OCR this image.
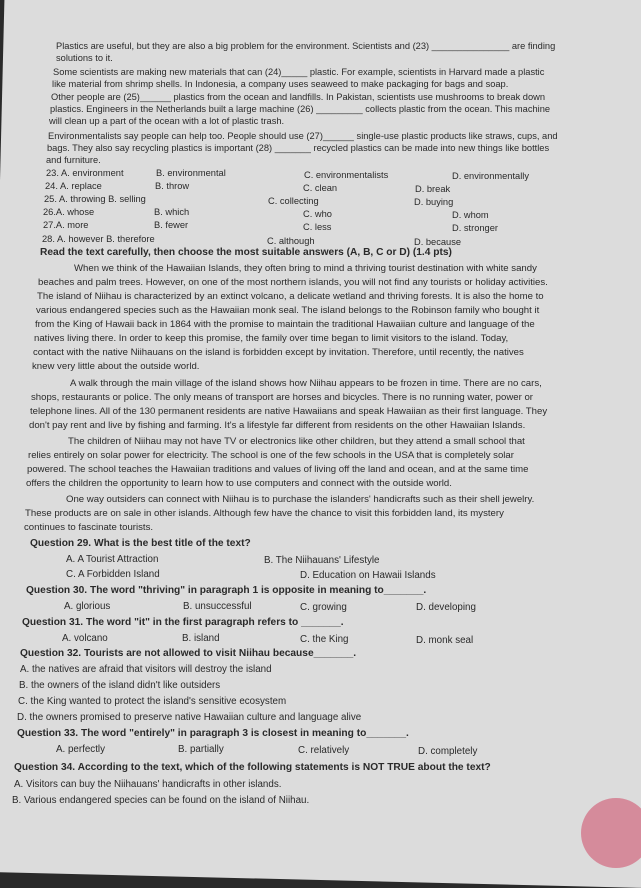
Plastics are useful, but they are also a big problem for the environment. Scientists and (23) _______________ are finding
solutions to it.
Some scientists are making new materials that can (24)_____ plastic. For example, scientists in Harvard made a plastic
like material from shrimp shells. In Indonesia, a company uses seaweed to make packaging for bags and soap.
Other people are (25)______ plastics from the ocean and landfills. In Pakistan, scientists use mushrooms to break down
plastics. Engineers in the Netherlands built a large machine (26) _________ collects plastic from the ocean. This machine
will clean up a part of the ocean with a lot of plastic trash.
Environmentalists say people can help too. People should use (27)______ single-use plastic products like straws, cups, and
bags. They also say recycling plastics is important (28) _______ recycled plastics can be made into new things like bottles
and furniture.
23. A. environment	B. environmental	C. environmentalists	D. environmentally
24. A. replace	B. throw	C. clean	D. break
25. A. throwing B. selling	C. collecting	D. buying
26.A. whose	B. which	C. who	D. whom
27.A. more	B. fewer	C. less	D. stronger
28. A. however B. therefore	C. although	D. because
Read the text carefully, then choose the most suitable answers (A, B, C or D) (1.4 pts)
When we think of the Hawaiian Islands, they often bring to mind a thriving tourist destination with white sandy
beaches and palm trees. However, on one of the most northern islands, you will not find any tourists or holiday activities.
The island of Niihau is characterized by an extinct volcano, a delicate wetland and thriving forests. It is also the home to
various endangered species such as the Hawaiian monk seal. The island belongs to the Robinson family who bought it
from the King of Hawaii back in 1864 with the promise to maintain the traditional Hawaiian culture and language of the
natives living there. In order to keep this promise, the family over time began to limit visitors to the island. Today,
contact with the native Niihauans on the island is forbidden except by invitation. Therefore, until recently, the natives
knew very little about the outside world.
A walk through the main village of the island shows how Niihau appears to be frozen in time. There are no cars,
shops, restaurants or police. The only means of transport are horses and bicycles. There is no running water, power or
telephone lines. All of the 130 permanent residents are native Hawaiians and speak Hawaiian as their first language. They
don't pay rent and live by fishing and farming. It's a lifestyle far different from residents on the other Hawaiian Islands.
The children of Niihau may not have TV or electronics like other children, but they attend a small school that
relies entirely on solar power for electricity. The school is one of the few schools in the USA that is completely solar
powered. The school teaches the Hawaiian traditions and values of living off the land and ocean, and at the same time
offers the children the opportunity to learn how to use computers and connect with the outside world.
One way outsiders can connect with Niihau is to purchase the islanders' handicrafts such as their shell jewelry.
These products are on sale in other islands. Although few have the chance to visit this forbidden land, its mystery
continues to fascinate tourists.
Question 29. What is the best title of the text?
A. A Tourist Attraction	B. The Niihauans' Lifestyle
C. A Forbidden Island	D. Education on Hawaii Islands
Question 30. The word "thriving" in paragraph 1 is opposite in meaning to_______.
A. glorious	B. unsuccessful	C. growing	D. developing
Question 31. The word "it" in the first paragraph refers to _______.
A. volcano	B. island	C. the King	D. monk seal
Question 32. Tourists are not allowed to visit Niihau because_______.
A. the natives are afraid that visitors will destroy the island
B. the owners of the island didn't like outsiders
C. the King wanted to protect the island's sensitive ecosystem
D. the owners promised to preserve native Hawaiian culture and language alive
Question 33. The word "entirely" in paragraph 3 is closest in meaning to_______.
A. perfectly	B. partially	C. relatively	D. completely
Question 34. According to the text, which of the following statements is NOT TRUE about the text?
A. Visitors can buy the Niihauans' handicrafts in other islands.
B. Various endangered species can be found on the island of Niihau.
